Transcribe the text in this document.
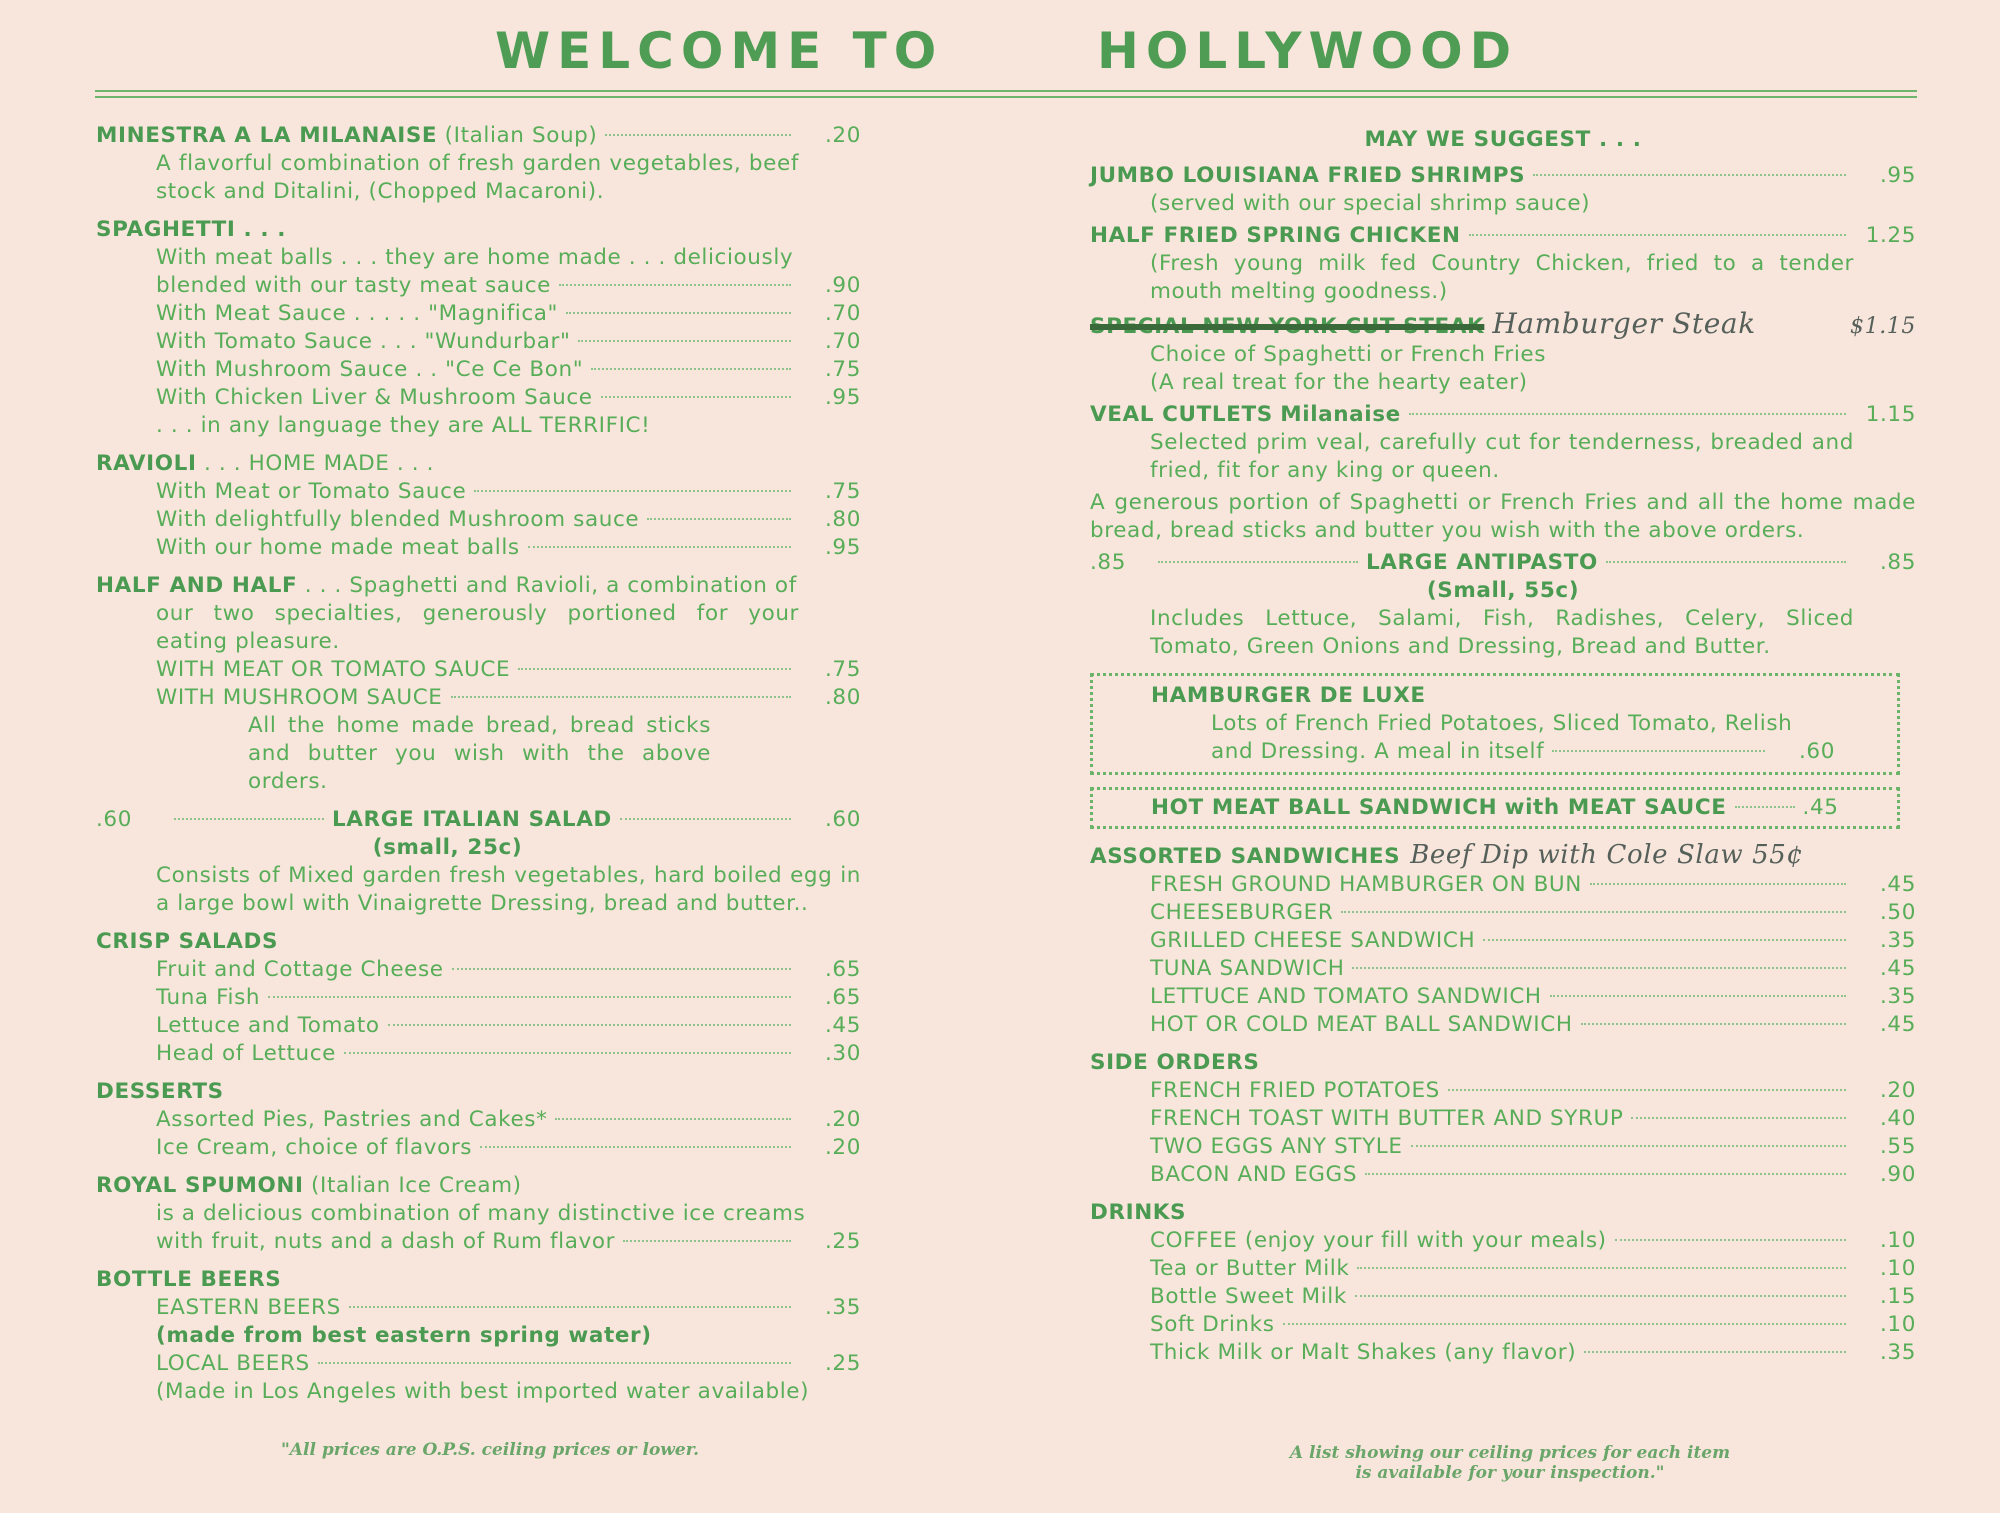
WELCOME TO	HOLLYWOOD
MINESTRA A LA MILANAISE (Italian Soup)	.20
A flavorful combination of fresh garden vegetables, beef stock and Ditalini, (Chopped Macaroni).
SPAGHETTI . . .
With meat balls . . . they are home made . . . deliciously
blended with our tasty meat sauce	.90
With Meat Sauce . . . . . "Magnifica"	.70
With Tomato Sauce . . . "Wundurbar"	.70
With Mushroom Sauce . . "Ce Ce Bon"	.75
With Chicken Liver & Mushroom Sauce	.95
. . . in any language they are ALL TERRIFIC!
RAVIOLI . . . HOME MADE . . .
With Meat or Tomato Sauce	.75
With delightfully blended Mushroom sauce	.80
With our home made meat balls	.95
HALF AND HALF . . . Spaghetti and Ravioli, a combination of
our two specialties, generously portioned for your eating pleasure.
WITH MEAT OR TOMATO SAUCE	.75
WITH MUSHROOM SAUCE	.80
All the home made bread, bread sticks and butter you wish with the above orders.
.60	LARGE ITALIAN SALAD	.60
(small, 25c)
Consists of Mixed garden fresh vegetables, hard boiled egg in a large bowl with Vinaigrette Dressing, bread and butter..
CRISP SALADS
Fruit and Cottage Cheese	.65
Tuna Fish	.65
Lettuce and Tomato	.45
Head of Lettuce	.30
DESSERTS
Assorted Pies, Pastries and Cakes*	.20
Ice Cream, choice of flavors	.20
ROYAL SPUMONI (Italian Ice Cream)
is a delicious combination of many distinctive ice creams
with fruit, nuts and a dash of Rum flavor	.25
BOTTLE BEERS
EASTERN BEERS	.35
(made from best eastern spring water)
LOCAL BEERS	.25
(Made in Los Angeles with best imported water available)
"All prices are O.P.S. ceiling prices or lower.
MAY WE SUGGEST . . .
JUMBO LOUISIANA FRIED SHRIMPS	.95
(served with our special shrimp sauce)
HALF FRIED SPRING CHICKEN	1.25
(Fresh young milk fed Country Chicken, fried to a tender mouth melting goodness.)
SPECIAL NEW YORK CUT STEAK Hamburger Steak	$1.15
Choice of Spaghetti or French Fries
(A real treat for the hearty eater)
VEAL CUTLETS Milanaise	1.15
Selected prim veal, carefully cut for tenderness, breaded and fried, fit for any king or queen.
A generous portion of Spaghetti or French Fries and all the home made bread, bread sticks and butter you wish with the above orders.
.85	LARGE ANTIPASTO	.85
(Small, 55c)
Includes Lettuce, Salami, Fish, Radishes, Celery, Sliced Tomato, Green Onions and Dressing, Bread and Butter.
HAMBURGER DE LUXE
Lots of French Fried Potatoes, Sliced Tomato, Relish
and Dressing. A meal in itself	.60
HOT MEAT BALL SANDWICH with MEAT SAUCE	.45
ASSORTED SANDWICHES Beef Dip with Cole Slaw 55¢
FRESH GROUND HAMBURGER ON BUN	.45
CHEESEBURGER	.50
GRILLED CHEESE SANDWICH	.35
TUNA SANDWICH	.45
LETTUCE AND TOMATO SANDWICH	.35
HOT OR COLD MEAT BALL SANDWICH	.45
SIDE ORDERS
FRENCH FRIED POTATOES	.20
FRENCH TOAST WITH BUTTER AND SYRUP	.40
TWO EGGS ANY STYLE	.55
BACON AND EGGS	.90
DRINKS
COFFEE (enjoy your fill with your meals)	.10
Tea or Butter Milk	.10
Bottle Sweet Milk	.15
Soft Drinks	.10
Thick Milk or Malt Shakes (any flavor)	.35
A list showing our ceiling prices for each item
is available for your inspection."
